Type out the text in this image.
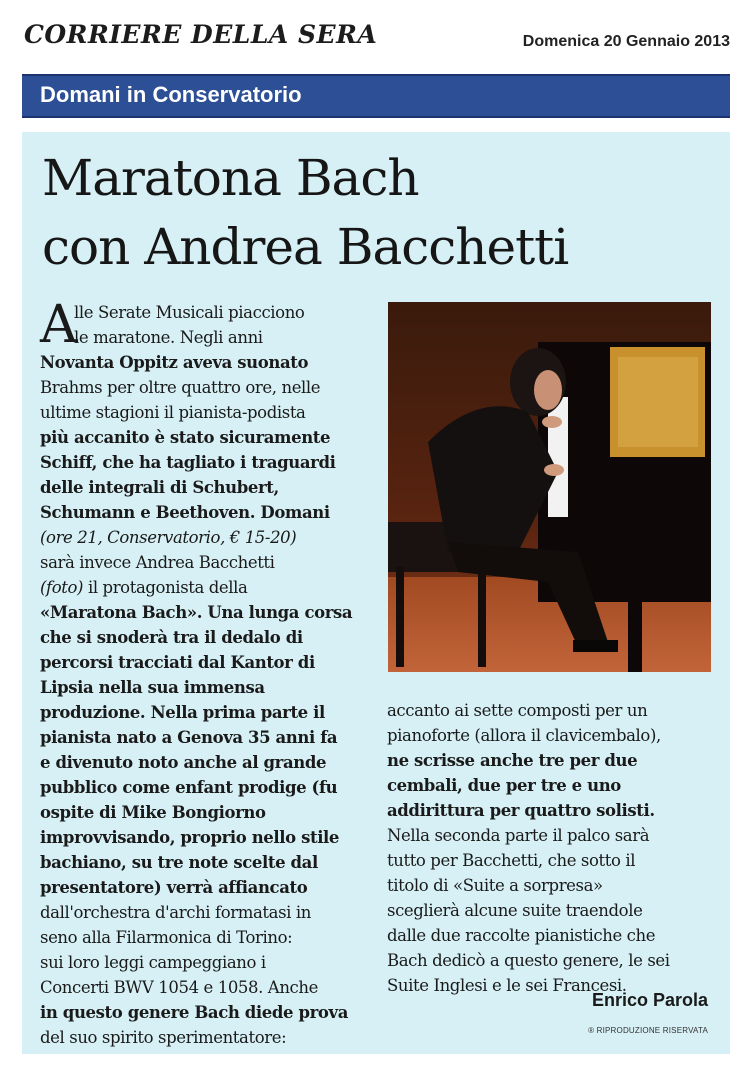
CORRIERE DELLA SERA	Domenica 20 Gennaio 2013
Domani in Conservatorio
Maratona Bach
con Andrea Bacchetti
A
lle Serate Musicali piacciono
le maratone. Negli anni
Novanta Oppitz aveva suonato
Brahms per oltre quattro ore, nelle
ultime stagioni il pianista-podista
più accanito è stato sicuramente
Schiff, che ha tagliato i traguardi
delle integrali di Schubert,
Schumann e Beethoven. Domani
(ore 21, Conservatorio, € 15-20)
sarà invece Andrea Bacchetti
(foto) il protagonista della
«Maratona Bach». Una lunga corsa
che si snoderà tra il dedalo di
percorsi tracciati dal Kantor di
Lipsia nella sua immensa
produzione. Nella prima parte il
pianista nato a Genova 35 anni fa
e divenuto noto anche al grande
pubblico come enfant prodige (fu
ospite di Mike Bongiorno
improvvisando, proprio nello stile
bachiano, su tre note scelte dal
presentatore) verrà affiancato
dall'orchestra d'archi formatasi in
seno alla Filarmonica di Torino:
sui loro leggi campeggiano i
Concerti BWV 1054 e 1058. Anche
in questo genere Bach diede prova
del suo spirito sperimentatore:
accanto ai sette composti per un
pianoforte (allora il clavicembalo),
ne scrisse anche tre per due
cembali, due per tre e uno
addirittura per quattro solisti.
Nella seconda parte il palco sarà
tutto per Bacchetti, che sotto il
titolo di «Suite a sorpresa»
sceglierà alcune suite traendole
dalle due raccolte pianistiche che
Bach dedicò a questo genere, le sei
Suite Inglesi e le sei Francesi.
Enrico Parola
® RIPRODUZIONE RISERVATA
